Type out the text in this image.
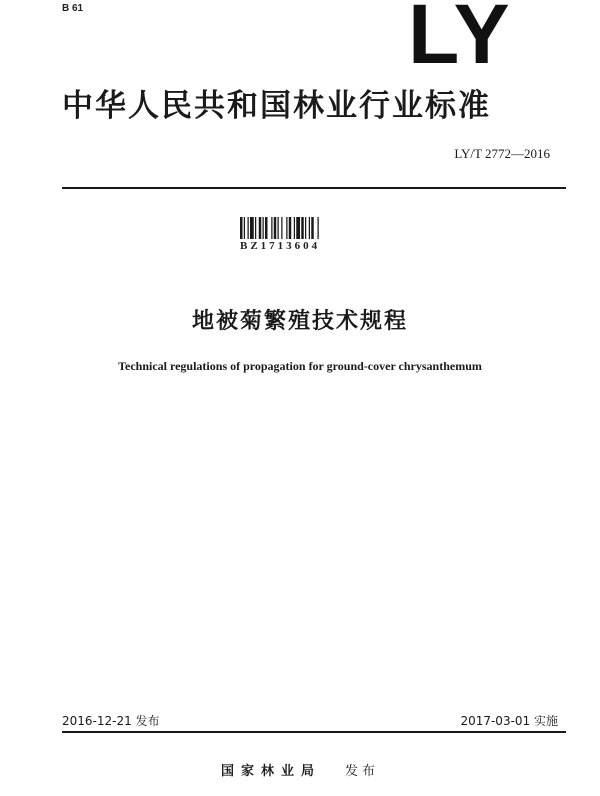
B 61	LY
中华人民共和国林业行业标准
LY/T 2772—2016
BZ1713604
地被菊繁殖技术规程
Technical regulations of propagation for ground-cover chrysanthemum
2016-12-21 发布	2017-03-01 实施
国家林业局 发布
